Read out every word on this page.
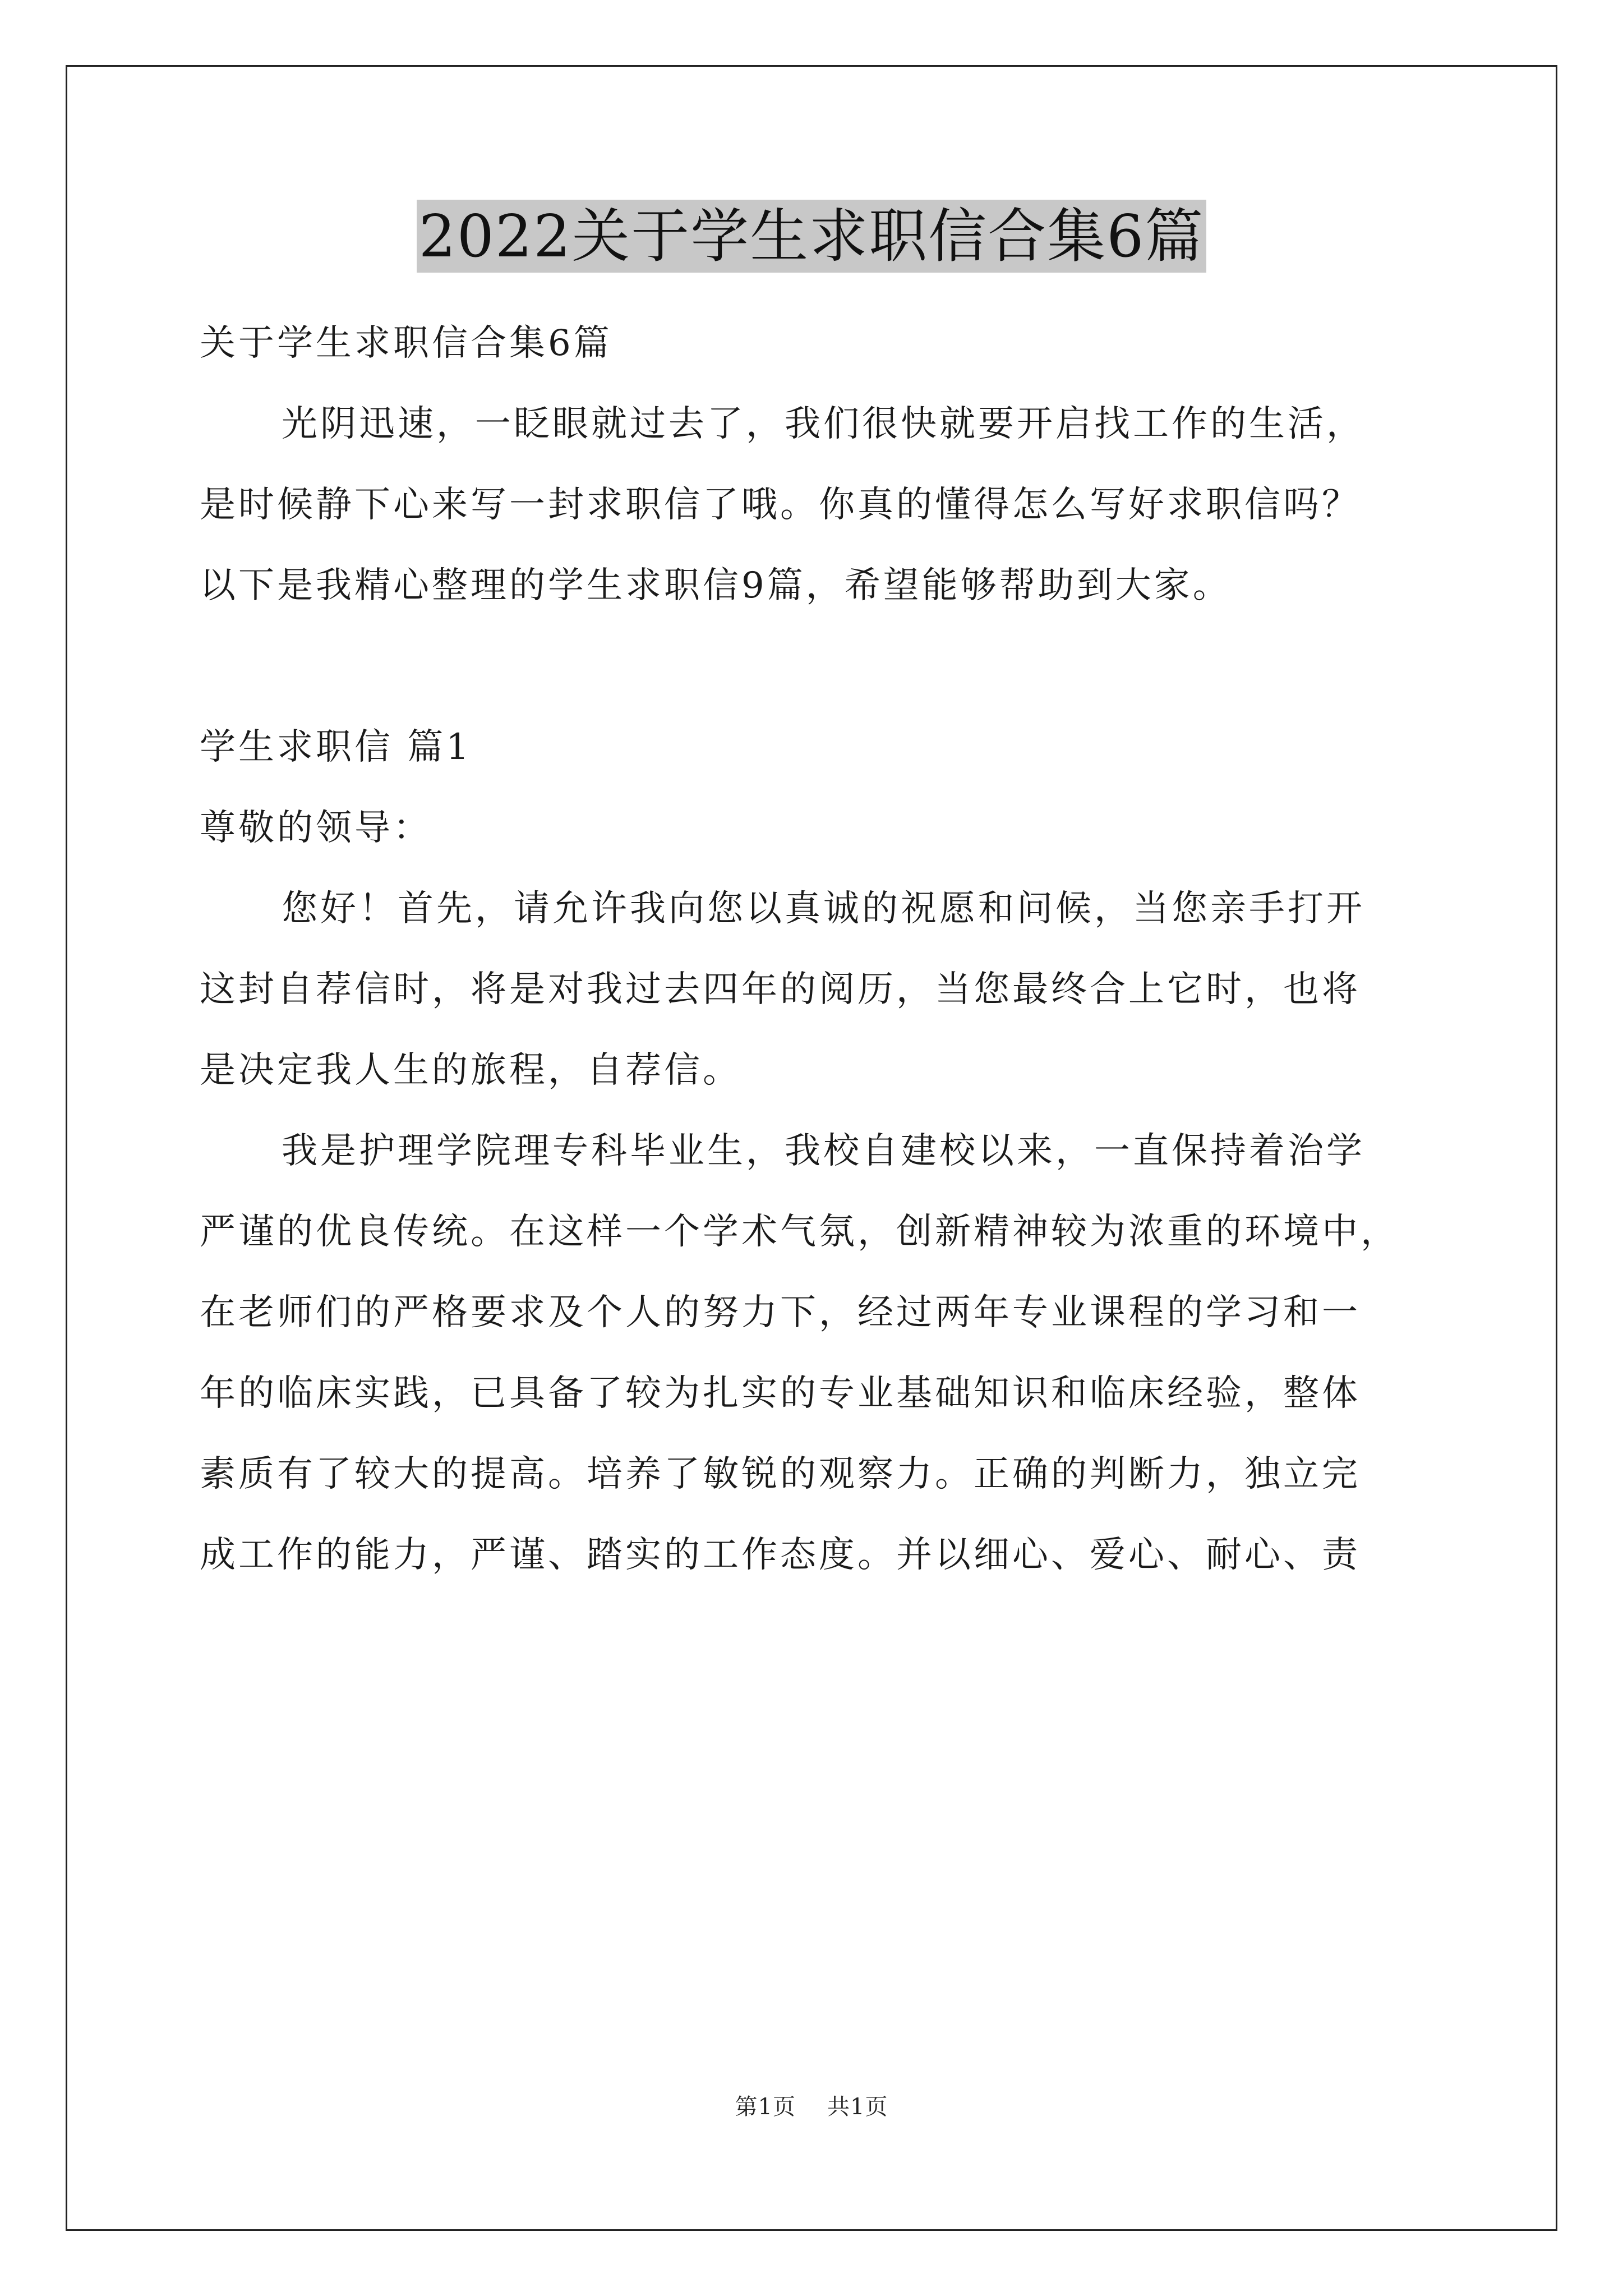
2022关于学生求职信合集6篇
关于学生求职信合集6篇
光阴迅速，一眨眼就过去了，我们很快就要开启找工作的生活，
是时候静下心来写一封求职信了哦。你真的懂得怎么写好求职信吗？
以下是我精心整理的学生求职信9篇，希望能够帮助到大家。
学生求职信 篇1
尊敬的领导：
您好！首先，请允许我向您以真诚的祝愿和问候，当您亲手打开
这封自荐信时，将是对我过去四年的阅历，当您最终合上它时，也将
是决定我人生的旅程，自荐信。
我是护理学院理专科毕业生，我校自建校以来，一直保持着治学
严谨的优良传统。在这样一个学术气氛，创新精神较为浓重的环境中，
在老师们的严格要求及个人的努力下，经过两年专业课程的学习和一
年的临床实践，已具备了较为扎实的专业基础知识和临床经验，整体
素质有了较大的提高。培养了敏锐的观察力。正确的判断力，独立完
成工作的能力，严谨、踏实的工作态度。并以细心、爱心、耐心、责
第1页 共1页
